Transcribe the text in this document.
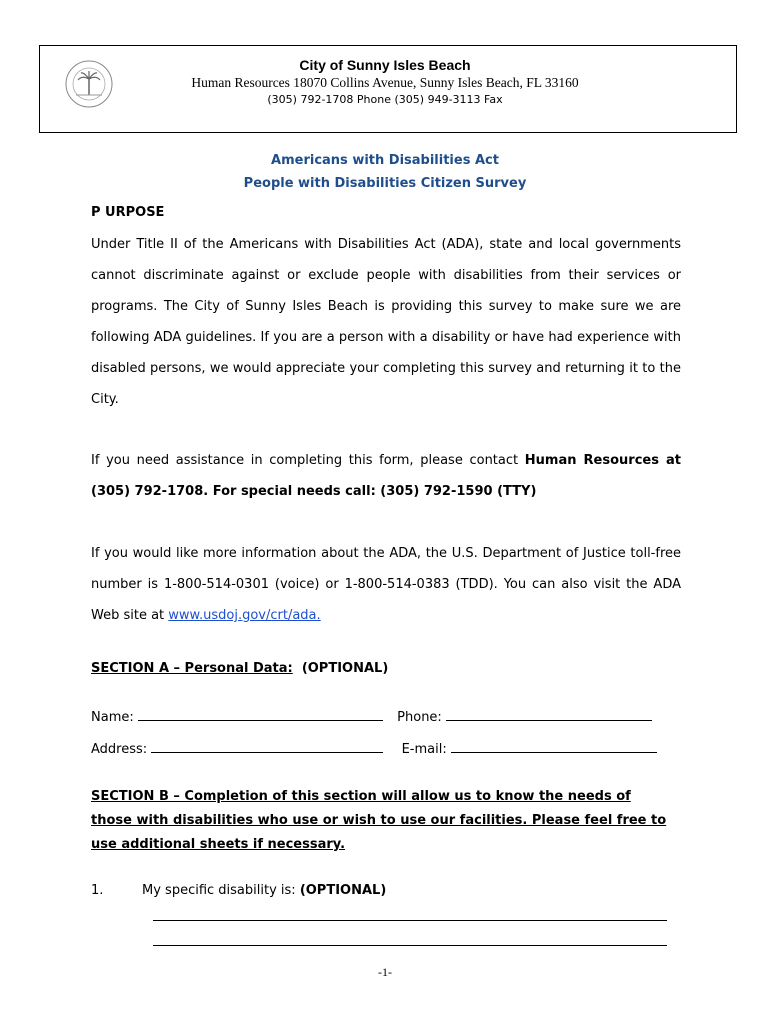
City of Sunny Isles Beach
Human Resources 18070 Collins Avenue, Sunny Isles Beach, FL 33160
(305) 792-1708 Phone (305) 949-3113 Fax
Americans with Disabilities Act
People with Disabilities Citizen Survey
P URPOSE
Under Title II of the Americans with Disabilities Act (ADA), state and local governments cannot discriminate against or exclude people with disabilities from their services or programs. The City of Sunny Isles Beach is providing this survey to make sure we are following ADA guidelines. If you are a person with a disability or have had experience with disabled persons, we would appreciate your completing this survey and returning it to the City.
If you need assistance in completing this form, please contact Human Resources at (305) 792-1708. For special needs call: (305) 792-1590 (TTY)
If you would like more information about the ADA, the U.S. Department of Justice toll-free number is 1-800-514-0301 (voice) or 1-800-514-0383 (TDD). You can also visit the ADA Web site at www.usdoj.gov/crt/ada.
SECTION A – Personal Data: (OPTIONAL)
Name:	Phone:
Address:	E-mail:
SECTION B – Completion of this section will allow us to know the needs of those with disabilities who use or wish to use our facilities. Please feel free to use additional sheets if necessary.
1.	My specific disability is: (OPTIONAL)
-1-
